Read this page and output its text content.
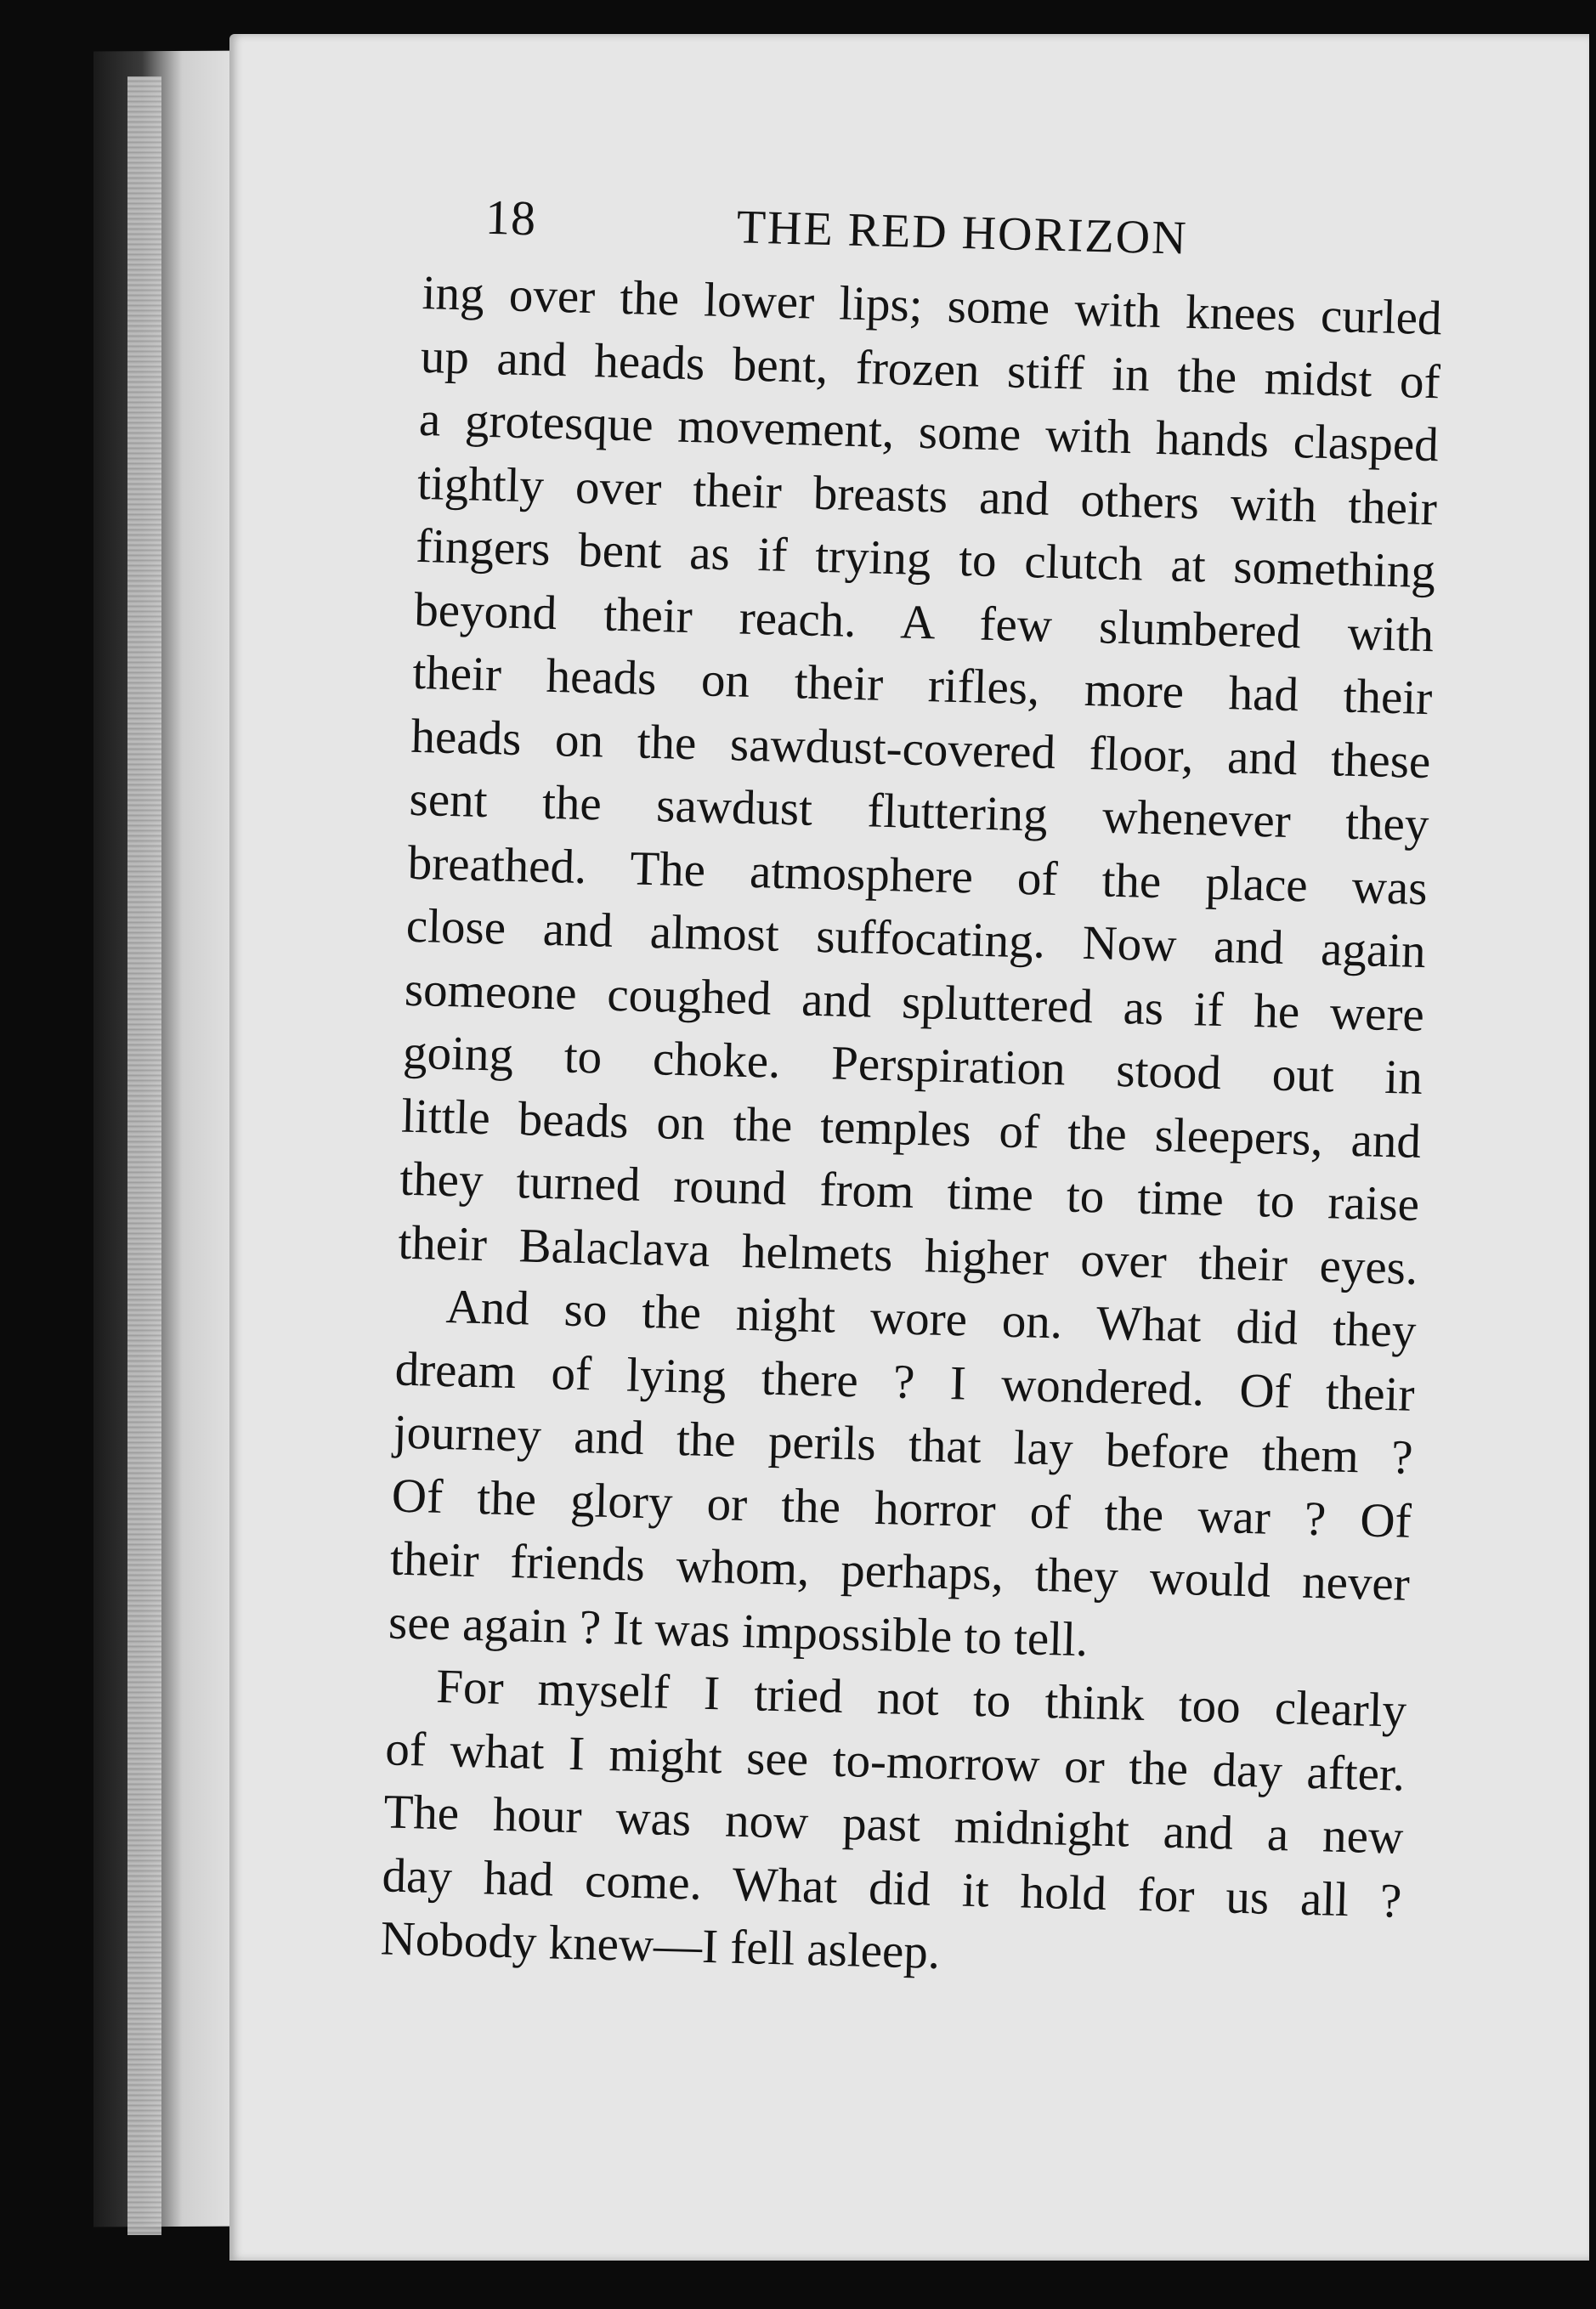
18	THE RED HORIZON
ing over the lower lips; some with knees curled
up and heads bent, frozen stiff in the midst of
a grotesque movement, some with hands clasped
tightly over their breasts and others with their
fingers bent as if trying to clutch at something
beyond their reach. A few slumbered with
their heads on their rifles, more had their
heads on the sawdust-covered floor, and these
sent the sawdust fluttering whenever they
breathed. The atmosphere of the place was
close and almost suffocating. Now and again
someone coughed and spluttered as if he were
going to choke. Perspiration stood out in
little beads on the temples of the sleepers, and
they turned round from time to time to raise
their Balaclava helmets higher over their eyes.
And so the night wore on. What did they
dream of lying there ? I wondered. Of their
journey and the perils that lay before them ?
Of the glory or the horror of the war ? Of
their friends whom, perhaps, they would never
see again ? It was impossible to tell.
For myself I tried not to think too clearly
of what I might see to-morrow or the day after.
The hour was now past midnight and a new
day had come. What did it hold for us all ?
Nobody knew—I fell asleep.
